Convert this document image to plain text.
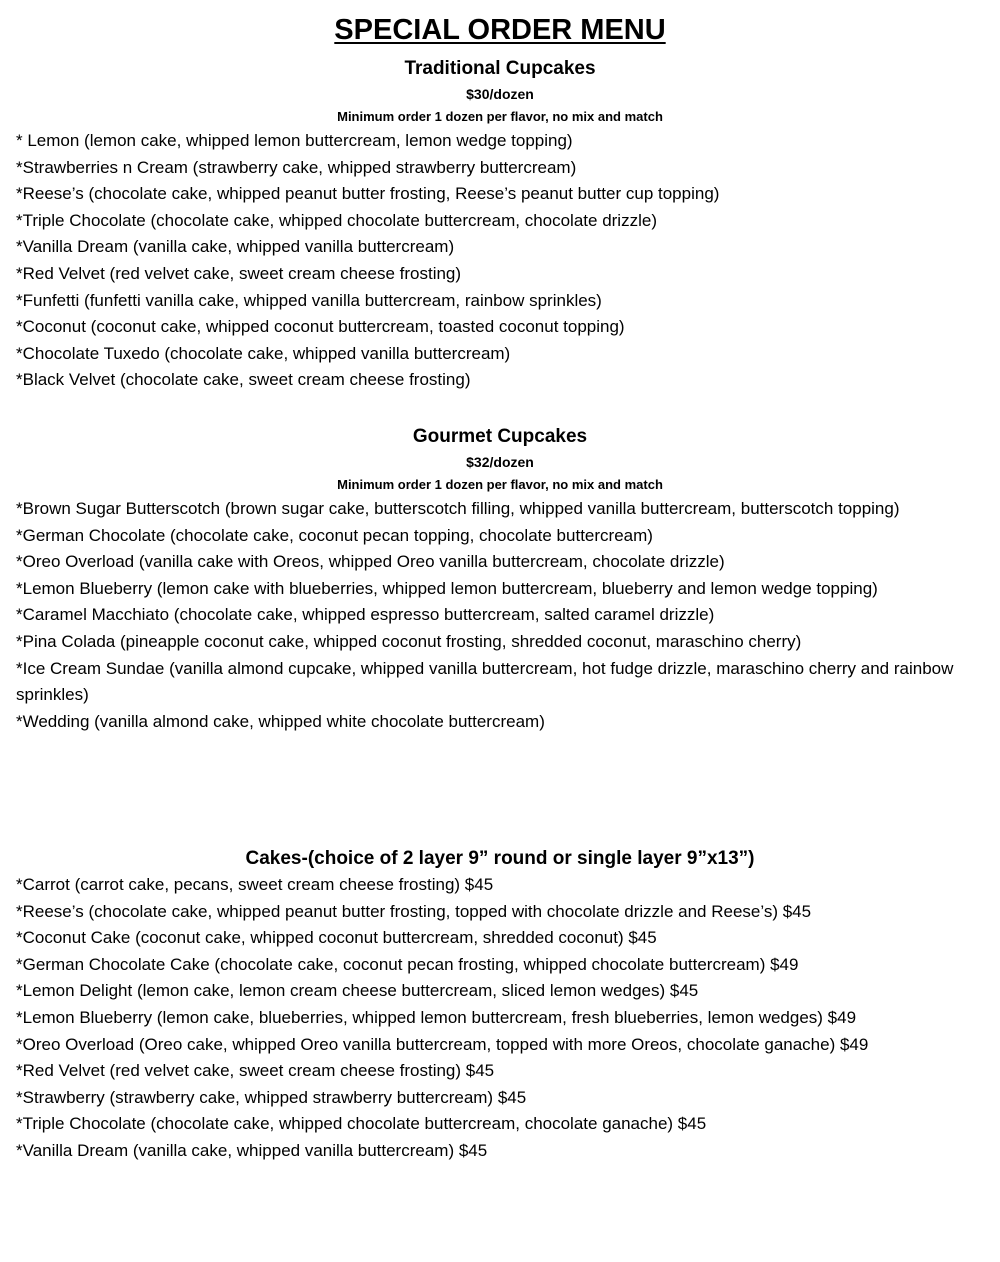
SPECIAL ORDER MENU
Traditional Cupcakes
$30/dozen
Minimum order 1 dozen per flavor, no mix and match
* Lemon (lemon cake, whipped lemon buttercream, lemon wedge topping)
*Strawberries n Cream (strawberry cake, whipped strawberry buttercream)
*Reese’s (chocolate cake, whipped peanut butter frosting, Reese’s peanut butter cup topping)
*Triple Chocolate (chocolate cake, whipped chocolate buttercream, chocolate drizzle)
*Vanilla Dream (vanilla cake, whipped vanilla buttercream)
*Red Velvet (red velvet cake, sweet cream cheese frosting)
*Funfetti (funfetti vanilla cake, whipped vanilla buttercream, rainbow sprinkles)
*Coconut (coconut cake, whipped coconut buttercream, toasted coconut topping)
*Chocolate Tuxedo (chocolate cake, whipped vanilla buttercream)
*Black Velvet (chocolate cake, sweet cream cheese frosting)
Gourmet Cupcakes
$32/dozen
Minimum order 1 dozen per flavor, no mix and match
*Brown Sugar Butterscotch (brown sugar cake, butterscotch filling, whipped vanilla buttercream, butterscotch topping)
*German Chocolate (chocolate cake, coconut pecan topping, chocolate buttercream)
*Oreo Overload (vanilla cake with Oreos, whipped Oreo vanilla buttercream, chocolate drizzle)
*Lemon Blueberry (lemon cake with blueberries, whipped lemon buttercream, blueberry and lemon wedge topping)
*Caramel Macchiato (chocolate cake, whipped espresso buttercream, salted caramel drizzle)
*Pina Colada (pineapple coconut cake, whipped coconut frosting, shredded coconut, maraschino cherry)
*Ice Cream Sundae (vanilla almond cupcake, whipped vanilla buttercream, hot fudge drizzle, maraschino cherry and rainbow sprinkles)
*Wedding (vanilla almond cake, whipped white chocolate buttercream)
Cakes-(choice of 2 layer 9” round or single layer 9”x13”)
*Carrot (carrot cake, pecans, sweet cream cheese frosting) $45
*Reese’s (chocolate cake, whipped peanut butter frosting, topped with chocolate drizzle and Reese’s) $45
*Coconut Cake (coconut cake, whipped coconut buttercream, shredded coconut) $45
*German Chocolate Cake (chocolate cake, coconut pecan frosting, whipped chocolate buttercream) $49
*Lemon Delight (lemon cake, lemon cream cheese buttercream, sliced lemon wedges) $45
*Lemon Blueberry (lemon cake, blueberries, whipped lemon buttercream, fresh blueberries, lemon wedges) $49
*Oreo Overload (Oreo cake, whipped Oreo vanilla buttercream, topped with more Oreos, chocolate ganache) $49
*Red Velvet (red velvet cake, sweet cream cheese frosting) $45
*Strawberry (strawberry cake, whipped strawberry buttercream) $45
*Triple Chocolate (chocolate cake, whipped chocolate buttercream, chocolate ganache) $45
*Vanilla Dream (vanilla cake, whipped vanilla buttercream) $45
